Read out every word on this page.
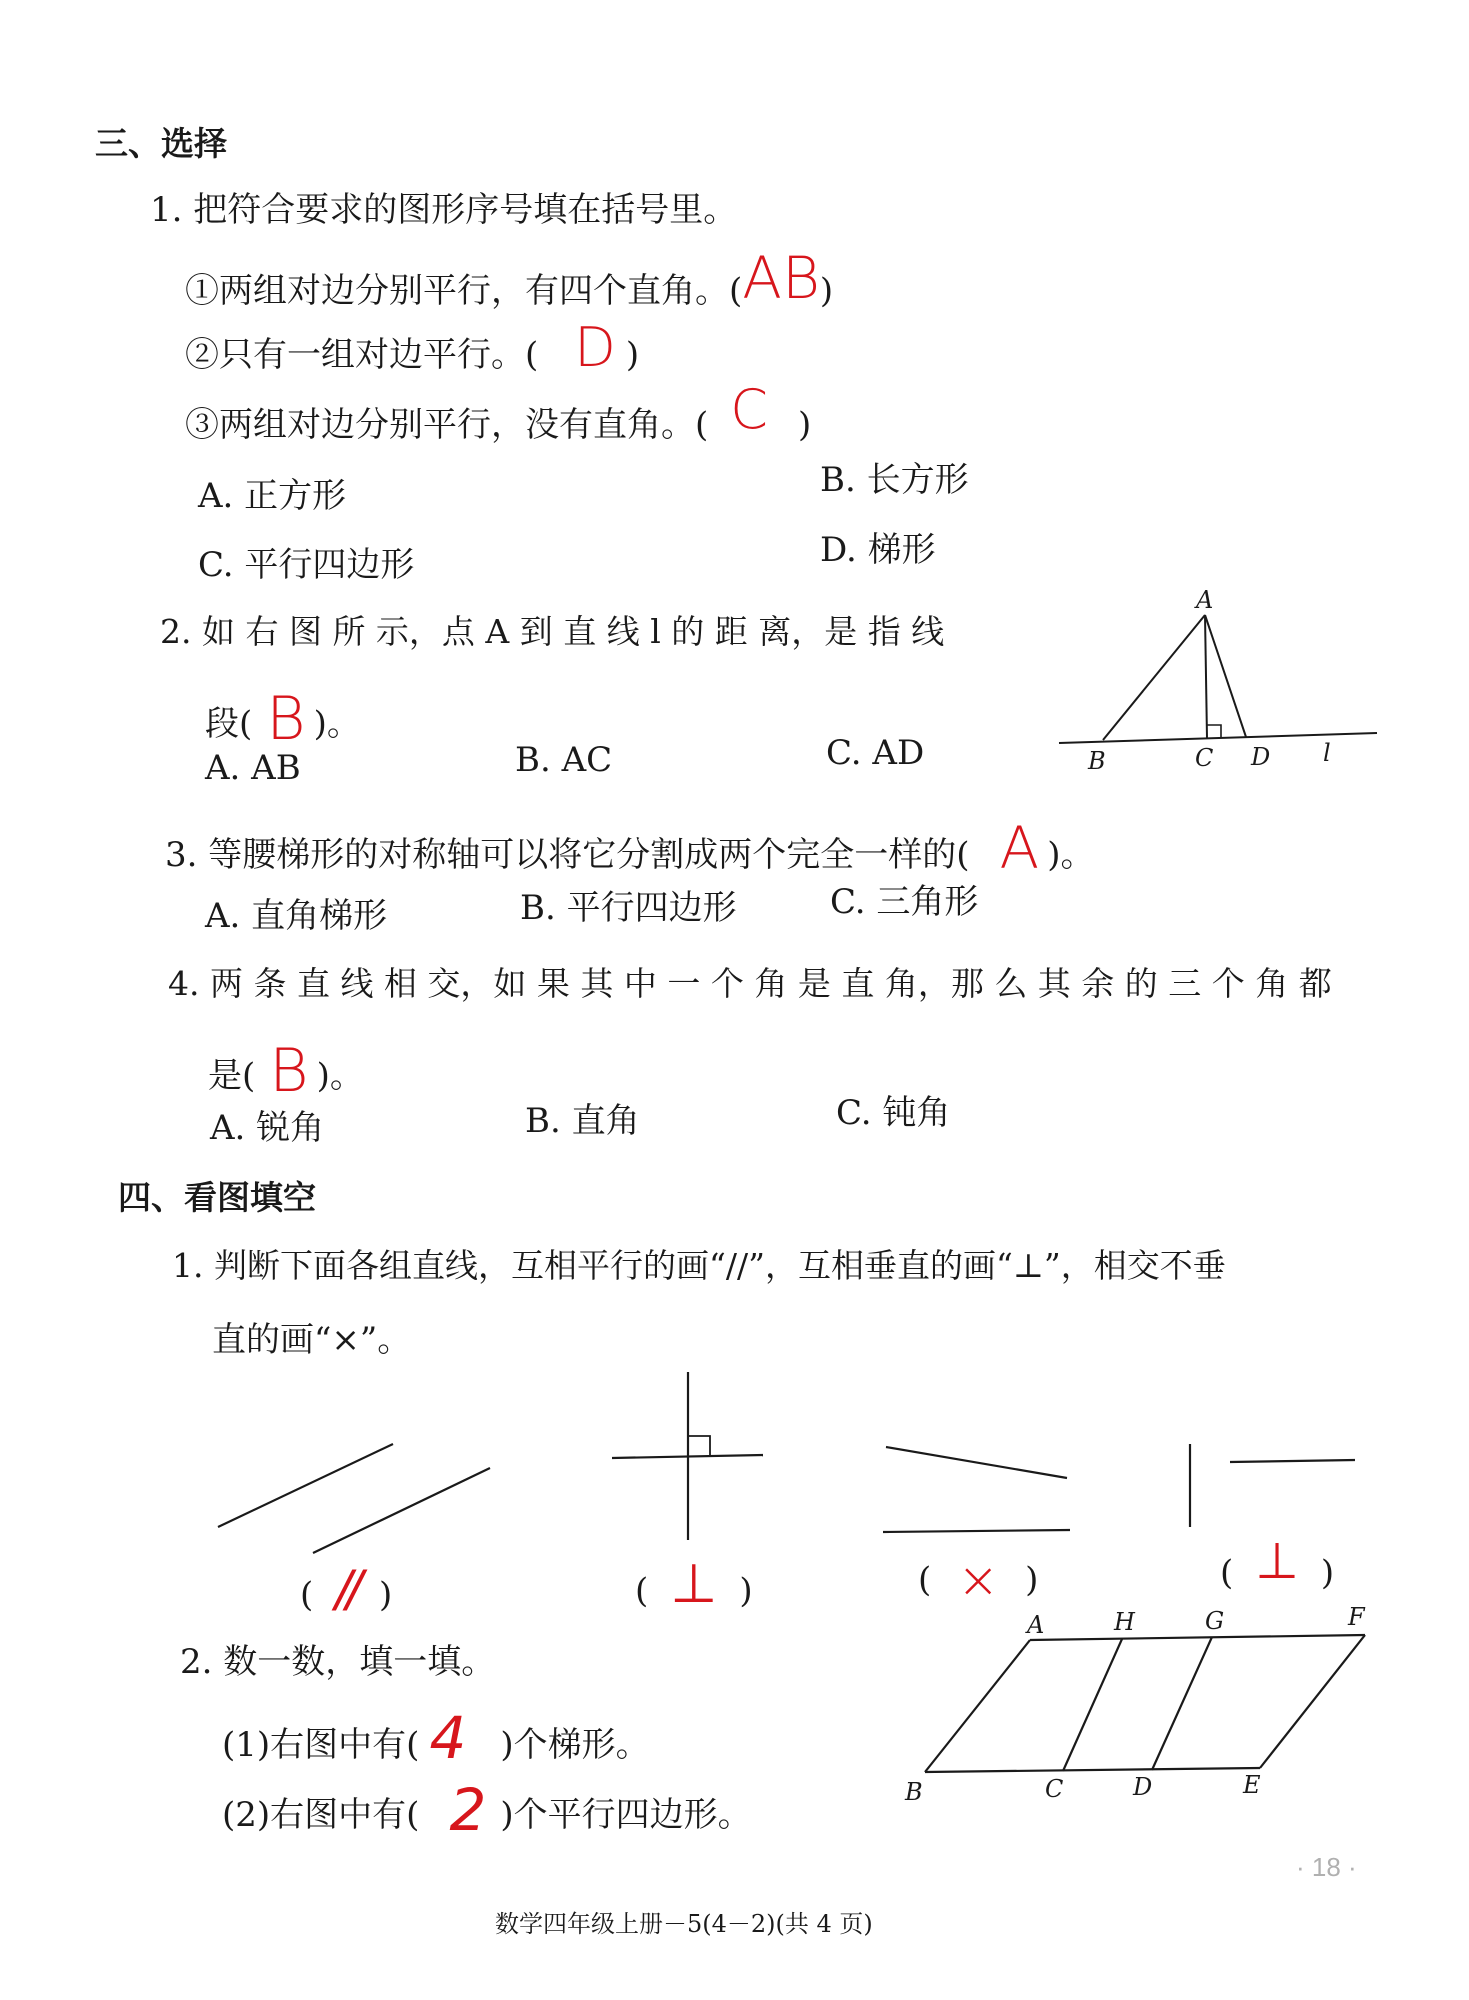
三、选择
1. 把符合要求的图形序号填在括号里。
①两组对边分别平行，有四个直角。(AB)
②只有一组对边平行。( D )
③两组对边分别平行，没有直角。( C )
A. 正方形	B. 长方形
C. 平行四边形	D. 梯形
2. 如 右 图 所 示，点 A 到 直 线 l 的 距 离，是 指 线
段( B )。
A. AB	B. AC	C. AD
A
B	C D l
3. 等腰梯形的对称轴可以将它分割成两个完全一样的( A )。
A. 直角梯形	B. 平行四边形	C. 三角形
4. 两 条 直 线 相 交，如 果 其 中 一 个 角 是 直 角，那 么 其 余 的 三 个 角 都
是( B )。
A. 锐角	B. 直角	C. 钝角
四、看图填空
1. 判断下面各组直线，互相平行的画“//”，互相垂直的画“⊥”，相交不垂
直的画“×”。
( // )	( ⊥ )	( × )	( ⊥ )
2. 数一数，填一填。
(1)右图中有( 4 )个梯形。
(2)右图中有( 2 )个平行四边形。
A	H	G	F
B	C	D	E
数学四年级上册－5(4－2)(共 4 页)
· 18 ·
